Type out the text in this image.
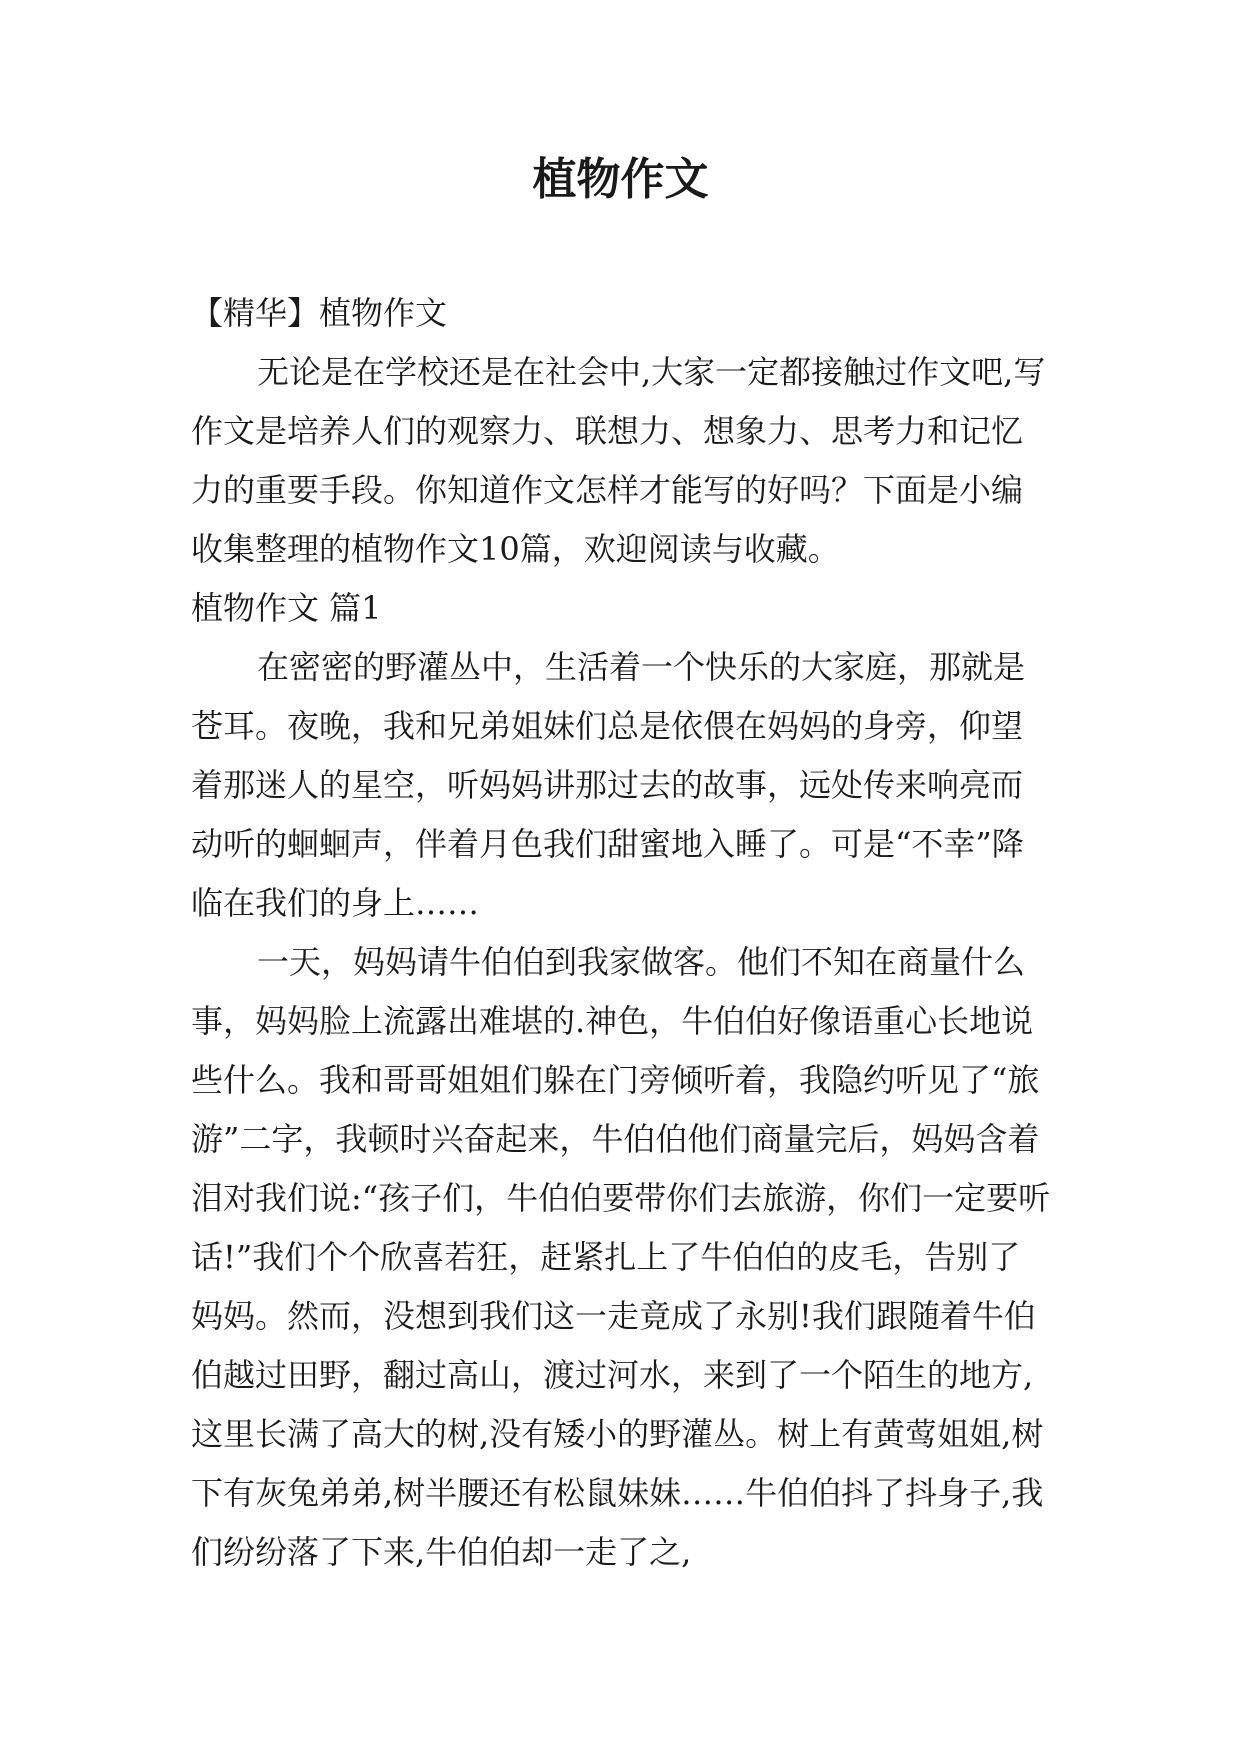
植物作文

【精华】植物作文

无论是在学校还是在社会中,大家一定都接触过作文吧,写作文是培养人们的观察力、联想力、想象力、思考力和记忆力的重要手段。你知道作文怎样才能写的好吗？下面是小编收集整理的植物作文10篇，欢迎阅读与收藏。

植物作文 篇1

在密密的野灌丛中，生活着一个快乐的大家庭，那就是苍耳。夜晚，我和兄弟姐妹们总是依偎在妈妈的身旁，仰望着那迷人的星空，听妈妈讲那过去的故事，远处传来响亮而动听的蛔蛔声，伴着月色我们甜蜜地入睡了。可是“不幸”降临在我们的身上……

一天，妈妈请牛伯伯到我家做客。他们不知在商量什么事，妈妈脸上流露出难堪的.神色，牛伯伯好像语重心长地说些什么。我和哥哥姐姐们躲在门旁倾听着，我隐约听见了“旅游”二字，我顿时兴奋起来，牛伯伯他们商量完后，妈妈含着泪对我们说:“孩子们，牛伯伯要带你们去旅游，你们一定要听话!”我们个个欣喜若狂，赶紧扎上了牛伯伯的皮毛，告别了妈妈。然而，没想到我们这一走竟成了永别!我们跟随着牛伯伯越过田野，翻过高山，渡过河水，来到了一个陌生的地方,这里长满了高大的树,没有矮小的野灌丛。树上有黄莺姐姐,树下有灰兔弟弟,树半腰还有松鼠妹妹……牛伯伯抖了抖身子,我们纷纷落了下来,牛伯伯却一走了之,
